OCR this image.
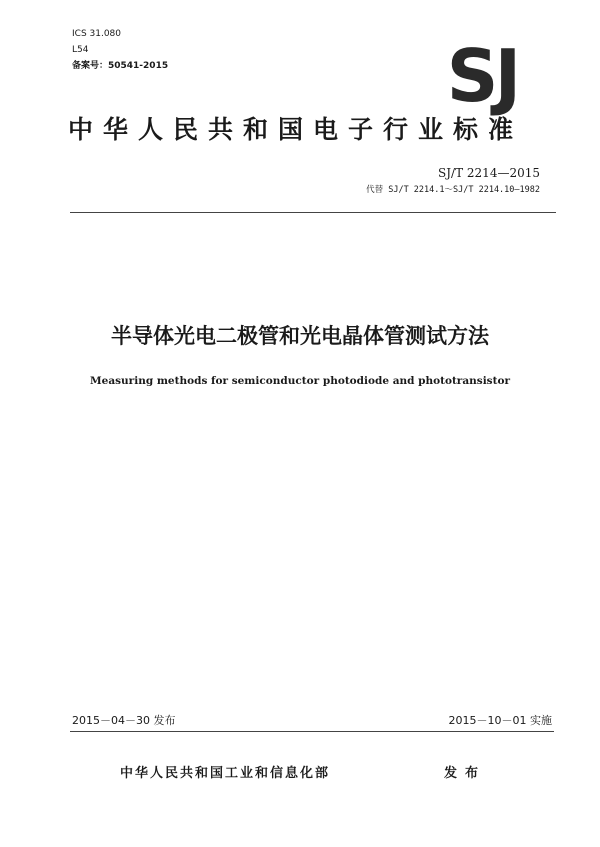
ICS 31.080
L54
备案号：50541-2015	SJ
中华人民共和国电子行业标准
SJ/T 2214—2015
代替 SJ/T 2214.1～SJ/T 2214.10—1982
半导体光电二极管和光电晶体管测试方法
Measuring methods for semiconductor photodiode and phototransistor
2015－04－30 发布	2015－10－01 实施
中华人民共和国工业和信息化部	发布
